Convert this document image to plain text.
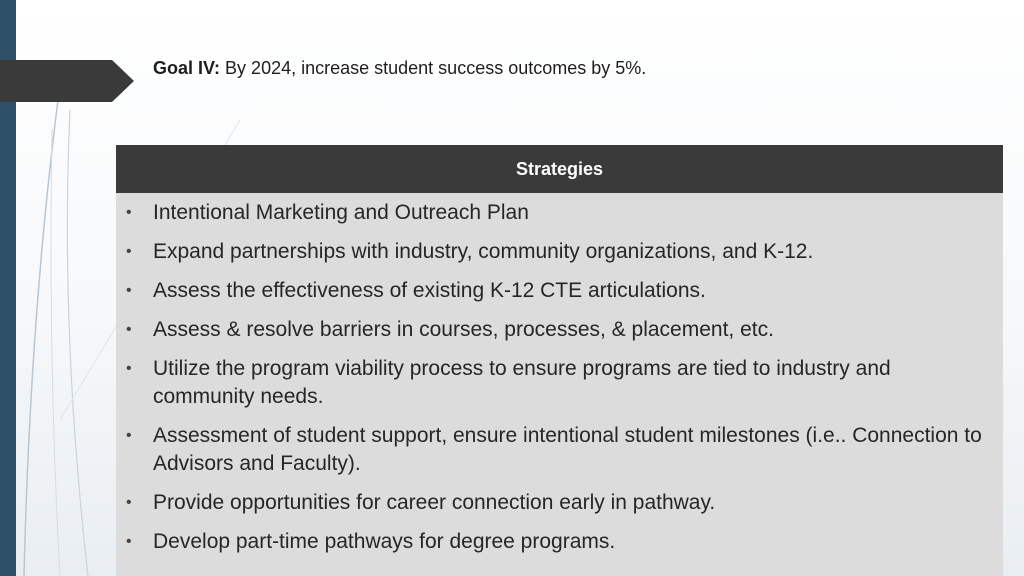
Goal IV: By 2024, increase student success outcomes by 5%.
Strategies
•	Intentional Marketing and Outreach Plan
•	Expand partnerships with industry, community organizations, and K-12.
•	Assess the effectiveness of existing K-12 CTE articulations.
•	Assess & resolve barriers in courses, processes, & placement, etc.
•	Utilize the program viability process to ensure programs are tied to industry and community needs.
•	Assessment of student support, ensure intentional student milestones (i.e.. Connection to Advisors and Faculty).
•	Provide opportunities for career connection early in pathway.
•	Develop part-time pathways for degree programs.
